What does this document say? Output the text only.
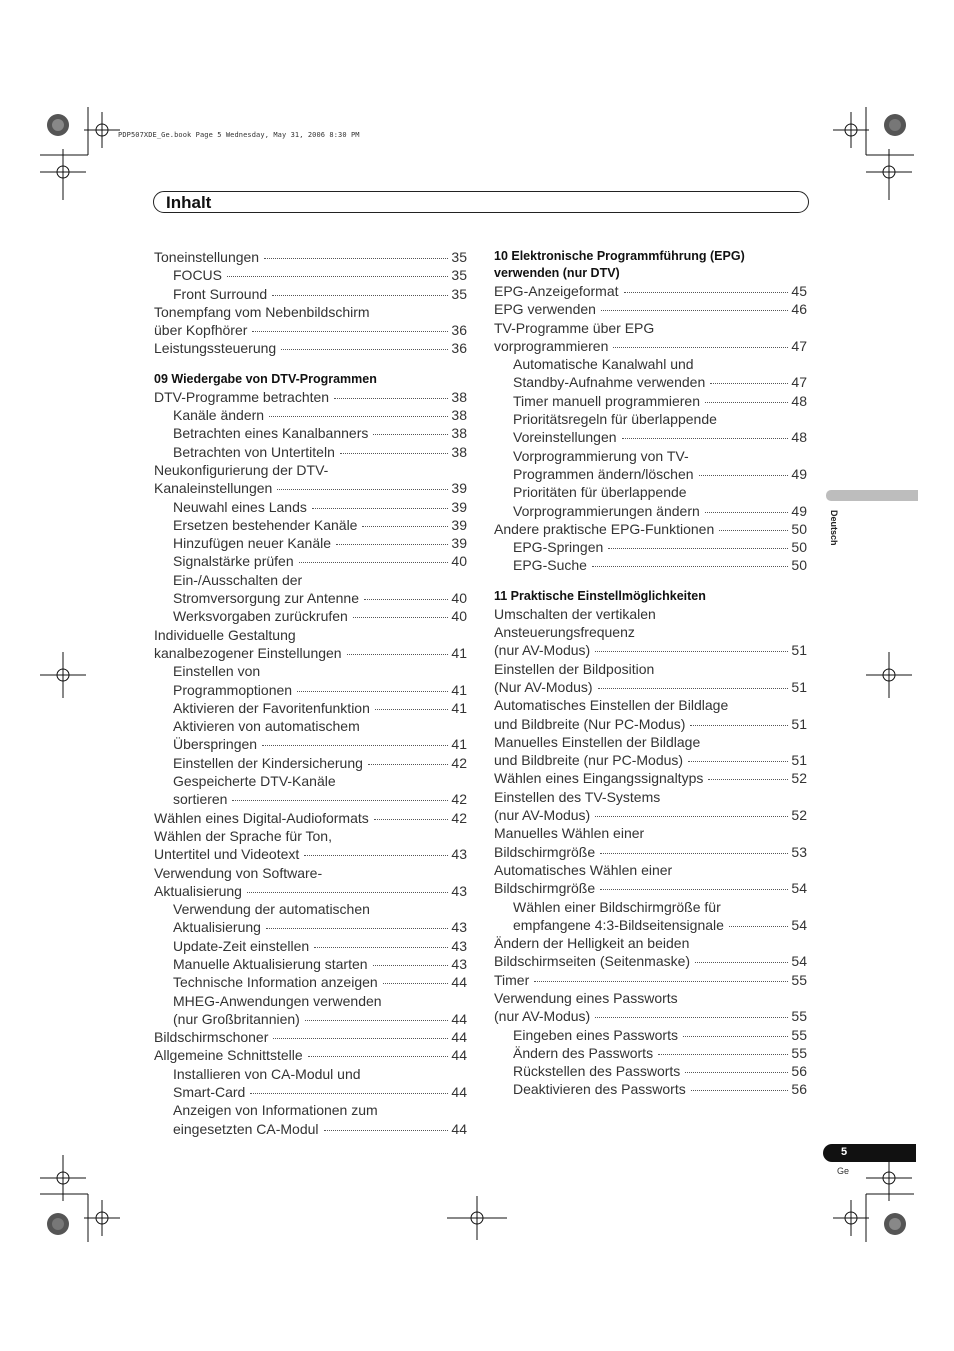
PDP507XDE_Ge.book Page 5 Wednesday, May 31, 2006 8:30 PM
Inhalt
Toneinstellungen	35
FOCUS	35
Front Surround	35
Tonempfang vom Nebenbildschirm
über Kopfhörer	36
Leistungssteuerung	36
09 Wiedergabe von DTV-Programmen
DTV-Programme betrachten	38
Kanäle ändern	38
Betrachten eines Kanalbanners	38
Betrachten von Untertiteln	38
Neukonfigurierung der DTV-
Kanaleinstellungen	39
Neuwahl eines Lands	39
Ersetzen bestehender Kanäle	39
Hinzufügen neuer Kanäle	39
Signalstärke prüfen	40
Ein-/Ausschalten der
Stromversorgung zur Antenne	40
Werksvorgaben zurückrufen	40
Individuelle Gestaltung
kanalbezogener Einstellungen	41
Einstellen von
Programmoptionen	41
Aktivieren der Favoritenfunktion	41
Aktivieren von automatischem
Überspringen	41
Einstellen der Kindersicherung	42
Gespeicherte DTV-Kanäle
sortieren	42
Wählen eines Digital-Audioformats	42
Wählen der Sprache für Ton,
Untertitel und Videotext	43
Verwendung von Software-
Aktualisierung	43
Verwendung der automatischen
Aktualisierung	43
Update-Zeit einstellen	43
Manuelle Aktualisierung starten	43
Technische Information anzeigen	44
MHEG-Anwendungen verwenden
(nur Großbritannien)	44
Bildschirmschoner	44
Allgemeine Schnittstelle	44
Installieren von CA-Modul und
Smart-Card	44
Anzeigen von Informationen zum
eingesetzten CA-Modul	44
10 Elektronische Programmführung (EPG) verwenden (nur DTV)
EPG-Anzeigeformat	45
EPG verwenden	46
TV-Programme über EPG
vorprogrammieren	47
Automatische Kanalwahl und
Standby-Aufnahme verwenden	47
Timer manuell programmieren	48
Prioritätsregeln für überlappende
Voreinstellungen	48
Vorprogrammierung von TV-
Programmen ändern/löschen	49
Prioritäten für überlappende
Vorprogrammierungen ändern	49
Andere praktische EPG-Funktionen	50
EPG-Springen	50
EPG-Suche	50
11 Praktische Einstellmöglichkeiten
Umschalten der vertikalen
Ansteuerungsfrequenz
(nur AV-Modus)	51
Einstellen der Bildposition
(Nur AV-Modus)	51
Automatisches Einstellen der Bildlage
und Bildbreite (Nur PC-Modus)	51
Manuelles Einstellen der Bildlage
und Bildbreite (nur PC-Modus)	51
Wählen eines Eingangssignaltyps	52
Einstellen des TV-Systems
(nur AV-Modus)	52
Manuelles Wählen einer
Bildschirmgröße	53
Automatisches Wählen einer
Bildschirmgröße	54
Wählen einer Bildschirmgröße für
empfangene 4:3-Bildseitensignale	54
Ändern der Helligkeit an beiden
Bildschirmseiten (Seitenmaske)	54
Timer	55
Verwendung eines Passworts
(nur AV-Modus)	55
Eingeben eines Passworts	55
Ändern des Passworts	55
Rückstellen des Passworts	56
Deaktivieren des Passworts	56
Deutsch
5
Ge
